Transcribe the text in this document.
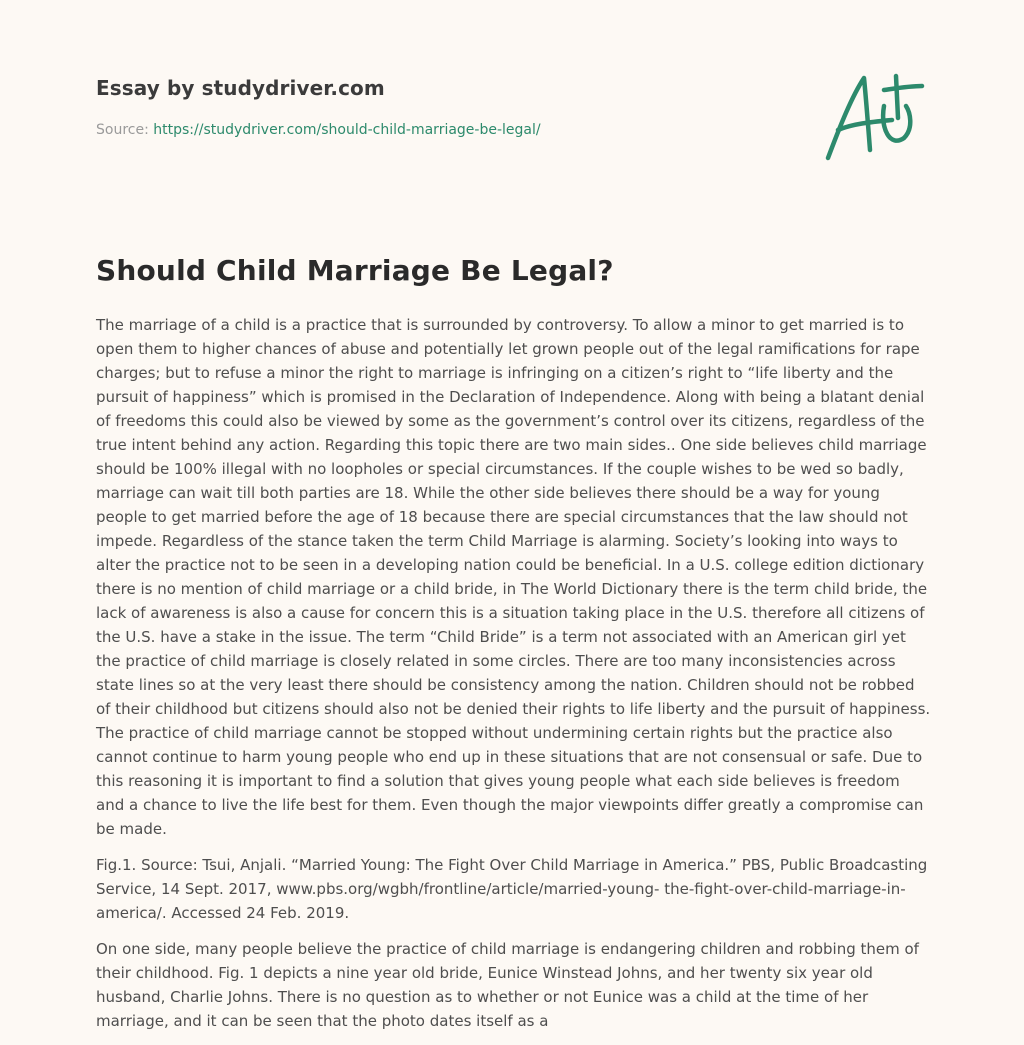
Essay by studydriver.com

Source: https://studydriver.com/should-child-marriage-be-legal/
Should Child Marriage Be Legal?

The marriage of a child is a practice that is surrounded by controversy. To allow a minor to get married is to open them to higher chances of abuse and potentially let grown people out of the legal ramifications for rape charges; but to refuse a minor the right to marriage is infringing on a citizen’s right to “life liberty and the pursuit of happiness” which is promised in the Declaration of Independence. Along with being a blatant denial of freedoms this could also be viewed by some as the government’s control over its citizens, regardless of the true intent behind any action. Regarding this topic there are two main sides.. One side believes child marriage should be 100% illegal with no loopholes or special circumstances. If the couple wishes to be wed so badly, marriage can wait till both parties are 18. While the other side believes there should be a way for young people to get married before the age of 18 because there are special circumstances that the law should not impede. Regardless of the stance taken the term Child Marriage is alarming. Society’s looking into ways to alter the practice not to be seen in a developing nation could be beneficial. In a U.S. college edition dictionary there is no mention of child marriage or a child bride, in The World Dictionary there is the term child bride, the lack of awareness is also a cause for concern this is a situation taking place in the U.S. therefore all citizens of the U.S. have a stake in the issue. The term “Child Bride” is a term not associated with an American girl yet the practice of child marriage is closely related in some circles. There are too many inconsistencies across state lines so at the very least there should be consistency among the nation. Children should not be robbed of their childhood but citizens should also not be denied their rights to life liberty and the pursuit of happiness. The practice of child marriage cannot be stopped without undermining certain rights but the practice also cannot continue to harm young people who end up in these situations that are not consensual or safe. Due to this reasoning it is important to find a solution that gives young people what each side believes is freedom and a chance to live the life best for them. Even though the major viewpoints differ greatly a compromise can be made.

Fig.1. Source: Tsui, Anjali. “Married Young: The Fight Over Child Marriage in America.” PBS, Public Broadcasting Service, 14 Sept. 2017, www.pbs.org/wgbh/frontline/article/married-young- the-fight-over-child-marriage-in-america/. Accessed 24 Feb. 2019.

On one side, many people believe the practice of child marriage is endangering children and robbing them of their childhood. Fig. 1 depicts a nine year old bride, Eunice Winstead Johns, and her twenty six year old husband, Charlie Johns. There is no question as to whether or not Eunice was a child at the time of her marriage, and it can be seen that the photo dates itself as a
